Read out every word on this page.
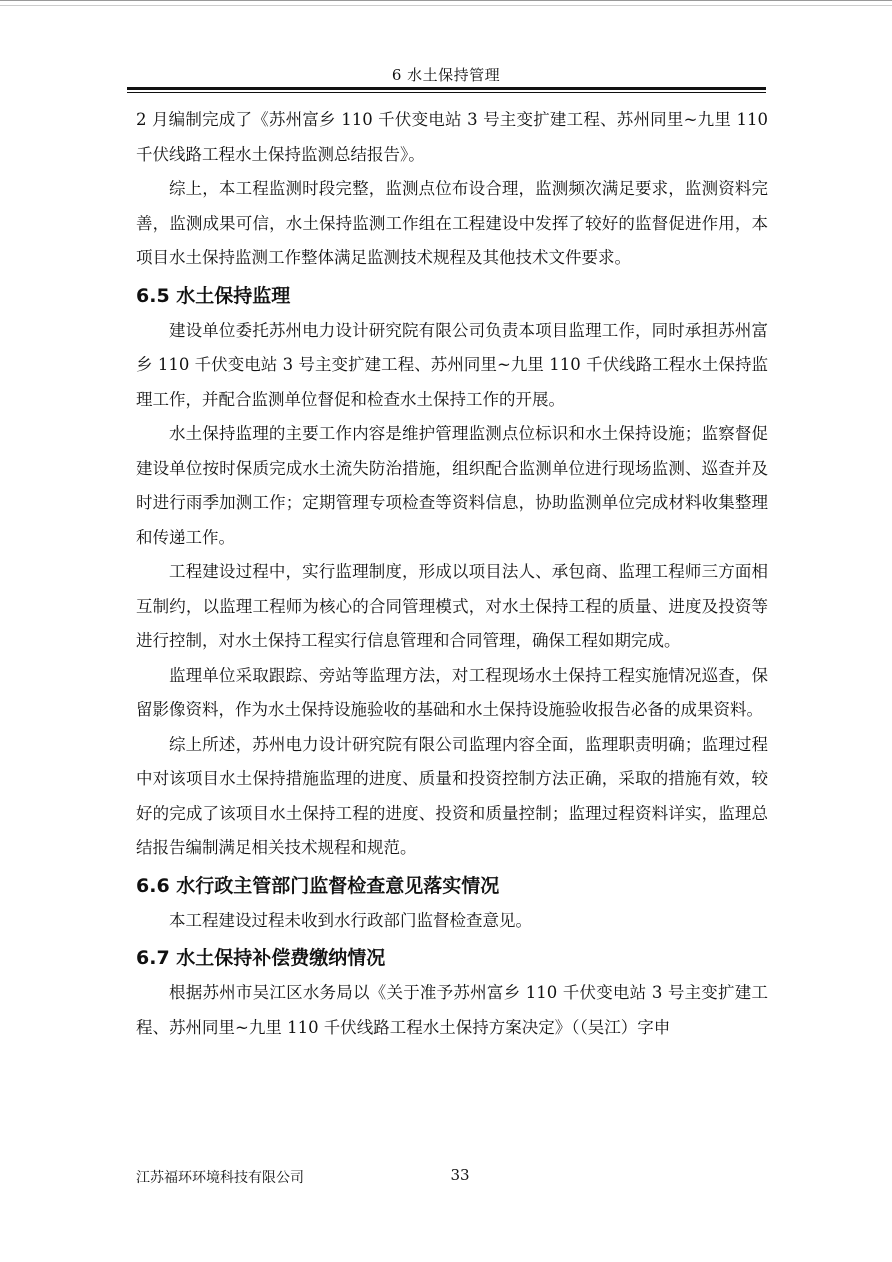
6 水土保持管理

2 月编制完成了《苏州富乡 110 千伏变电站 3 号主变扩建工程、苏州同里~九里 110 千伏线路工程水土保持监测总结报告》。

综上，本工程监测时段完整，监测点位布设合理，监测频次满足要求，监测资料完善，监测成果可信，水土保持监测工作组在工程建设中发挥了较好的监督促进作用，本项目水土保持监测工作整体满足监测技术规程及其他技术文件要求。

6.5 水土保持监理

建设单位委托苏州电力设计研究院有限公司负责本项目监理工作，同时承担苏州富乡 110 千伏变电站 3 号主变扩建工程、苏州同里~九里 110 千伏线路工程水土保持监理工作，并配合监测单位督促和检查水土保持工作的开展。

水土保持监理的主要工作内容是维护管理监测点位标识和水土保持设施；监察督促建设单位按时保质完成水土流失防治措施，组织配合监测单位进行现场监测、巡查并及时进行雨季加测工作；定期管理专项检查等资料信息，协助监测单位完成材料收集整理和传递工作。

工程建设过程中，实行监理制度，形成以项目法人、承包商、监理工程师三方面相互制约，以监理工程师为核心的合同管理模式，对水土保持工程的质量、进度及投资等进行控制，对水土保持工程实行信息管理和合同管理，确保工程如期完成。

监理单位采取跟踪、旁站等监理方法，对工程现场水土保持工程实施情况巡查，保留影像资料，作为水土保持设施验收的基础和水土保持设施验收报告必备的成果资料。

综上所述，苏州电力设计研究院有限公司监理内容全面，监理职责明确；监理过程中对该项目水土保持措施监理的进度、质量和投资控制方法正确，采取的措施有效，较好的完成了该项目水土保持工程的进度、投资和质量控制；监理过程资料详实，监理总结报告编制满足相关技术规程和规范。

6.6 水行政主管部门监督检查意见落实情况

本工程建设过程未收到水行政部门监督检查意见。

6.7 水土保持补偿费缴纳情况

根据苏州市吴江区水务局以《关于准予苏州富乡 110 千伏变电站 3 号主变扩建工程、苏州同里~九里 110 千伏线路工程水土保持方案决定》（（吴江）字申

江苏福环环境科技有限公司	33
